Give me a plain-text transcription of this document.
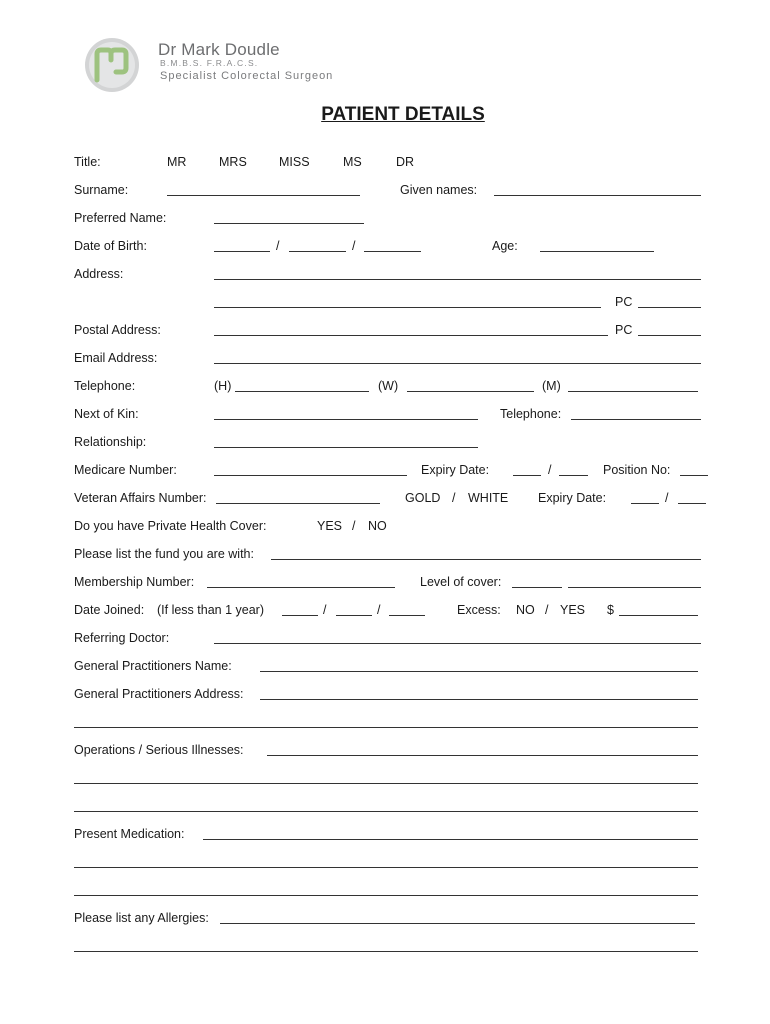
Dr Mark Doudle
B.M.B.S. F.R.A.C.S.
Specialist Colorectal Surgeon
PATIENT DETAILS
Title:	MR	MRS	MISS	MS	DR
Surname:	Given names:
Preferred Name:
Date of Birth:	/	/	Age:
Address:
PC
Postal Address:	PC
Email Address:
Telephone:	(H)	(W)	(M)
Next of Kin:	Telephone:
Relationship:
Medicare Number:	Expiry Date:	/	Position No:
Veteran Affairs Number:	GOLD / WHITE Expiry Date:	/
Do you have Private Health Cover:	YES / NO
Please list the fund you are with:
Membership Number:	Level of cover:
Date Joined: (If less than 1 year)	/	/	Excess: NO / YES $
Referring Doctor:
General Practitioners Name:
General Practitioners Address:
Operations / Serious Illnesses:
Present Medication:
Please list any Allergies:
